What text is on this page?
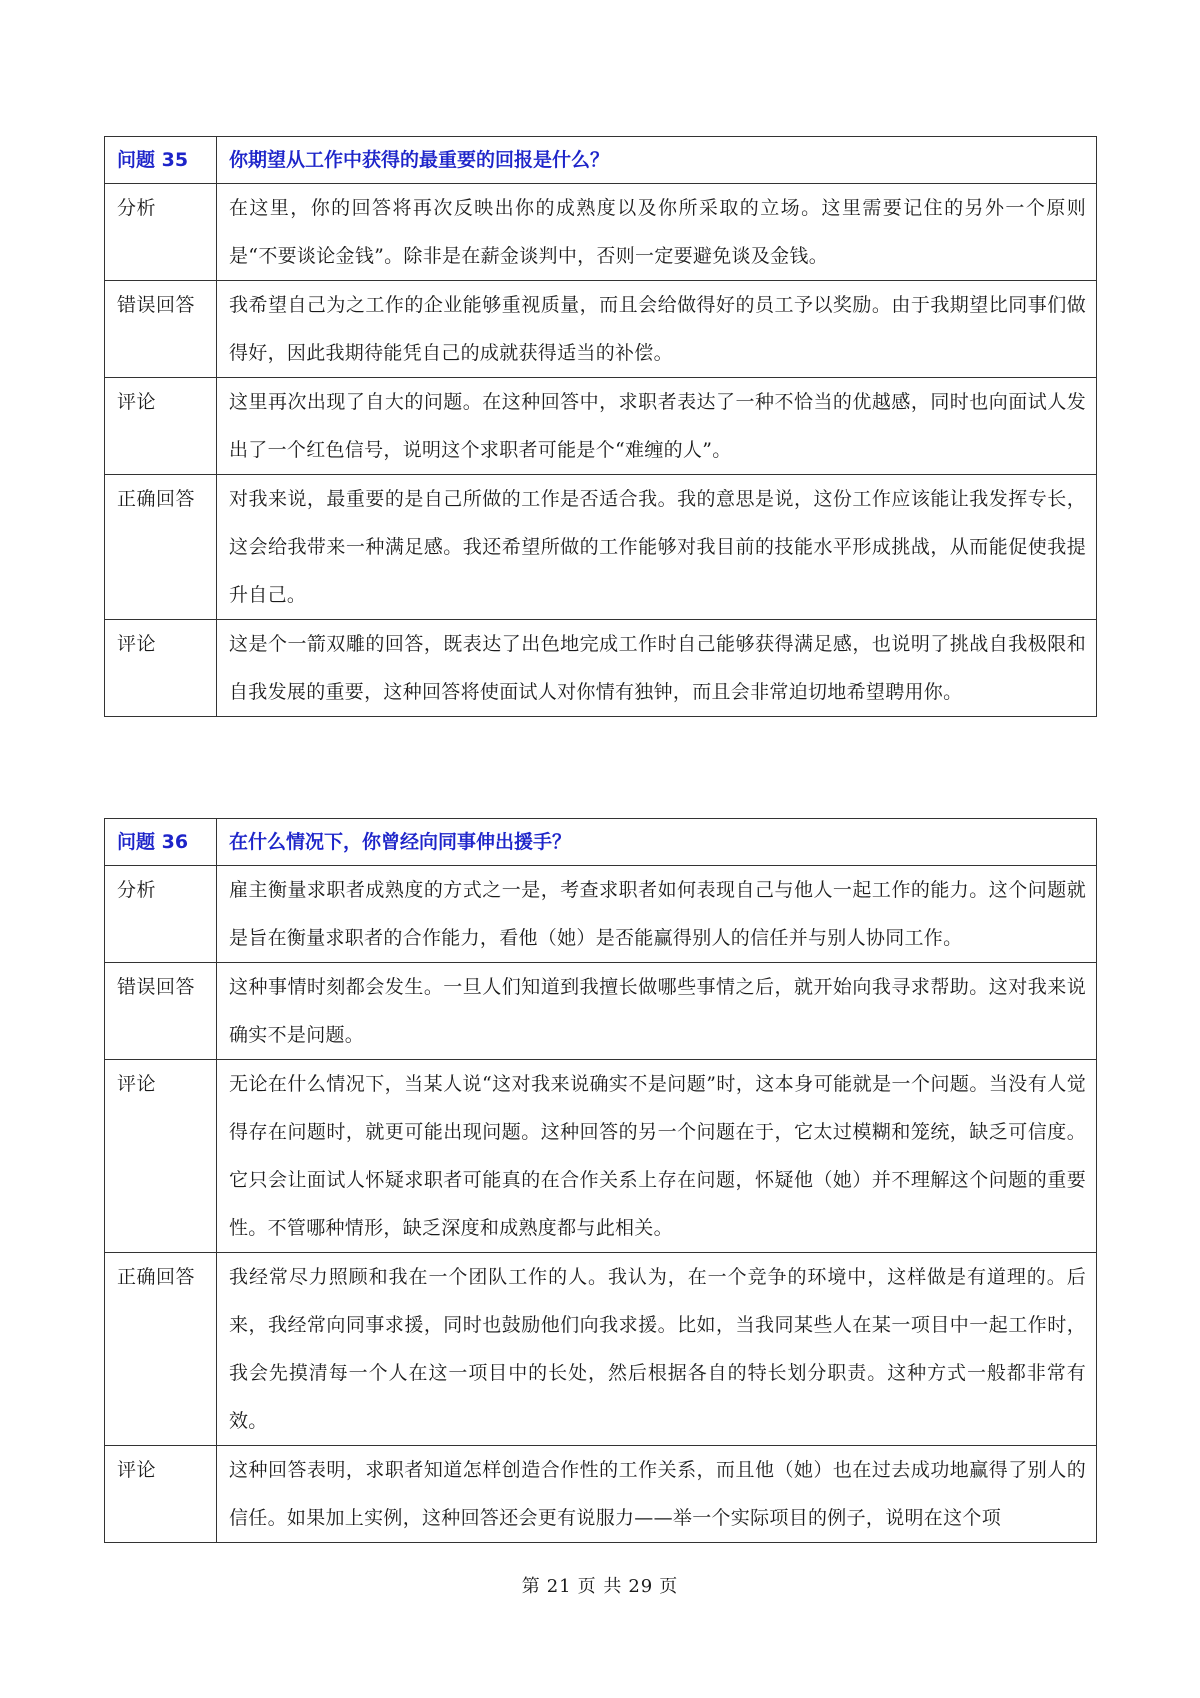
问题 35	你期望从工作中获得的最重要的回报是什么？
分析	在这里，你的回答将再次反映出你的成熟度以及你所采取的立场。这里需要记住的另外一个原则是“不要谈论金钱”。除非是在薪金谈判中，否则一定要避免谈及金钱。
错误回答	我希望自己为之工作的企业能够重视质量，而且会给做得好的员工予以奖励。由于我期望比同事们做得好，因此我期待能凭自己的成就获得适当的补偿。
评论	这里再次出现了自大的问题。在这种回答中，求职者表达了一种不恰当的优越感，同时也向面试人发出了一个红色信号，说明这个求职者可能是个“难缠的人”。
正确回答	对我来说，最重要的是自己所做的工作是否适合我。我的意思是说，这份工作应该能让我发挥专长，这会给我带来一种满足感。我还希望所做的工作能够对我目前的技能水平形成挑战，从而能促使我提升自己。
评论	这是个一箭双雕的回答，既表达了出色地完成工作时自己能够获得满足感，也说明了挑战自我极限和自我发展的重要，这种回答将使面试人对你情有独钟，而且会非常迫切地希望聘用你。
问题 36	在什么情况下，你曾经向同事伸出援手？
分析	雇主衡量求职者成熟度的方式之一是，考查求职者如何表现自己与他人一起工作的能力。这个问题就是旨在衡量求职者的合作能力，看他（她）是否能赢得别人的信任并与别人协同工作。
错误回答	这种事情时刻都会发生。一旦人们知道到我擅长做哪些事情之后，就开始向我寻求帮助。这对我来说确实不是问题。
评论	无论在什么情况下，当某人说“这对我来说确实不是问题”时，这本身可能就是一个问题。当没有人觉得存在问题时，就更可能出现问题。这种回答的另一个问题在于，它太过模糊和笼统，缺乏可信度。它只会让面试人怀疑求职者可能真的在合作关系上存在问题，怀疑他（她）并不理解这个问题的重要性。不管哪种情形，缺乏深度和成熟度都与此相关。
正确回答	我经常尽力照顾和我在一个团队工作的人。我认为，在一个竞争的环境中，这样做是有道理的。后来，我经常向同事求援，同时也鼓励他们向我求援。比如，当我同某些人在某一项目中一起工作时，我会先摸清每一个人在这一项目中的长处，然后根据各自的特长划分职责。这种方式一般都非常有效。
评论	这种回答表明，求职者知道怎样创造合作性的工作关系，而且他（她）也在过去成功地赢得了别人的信任。如果加上实例，这种回答还会更有说服力——举一个实际项目的例子，说明在这个项
第 21 页 共 29 页
